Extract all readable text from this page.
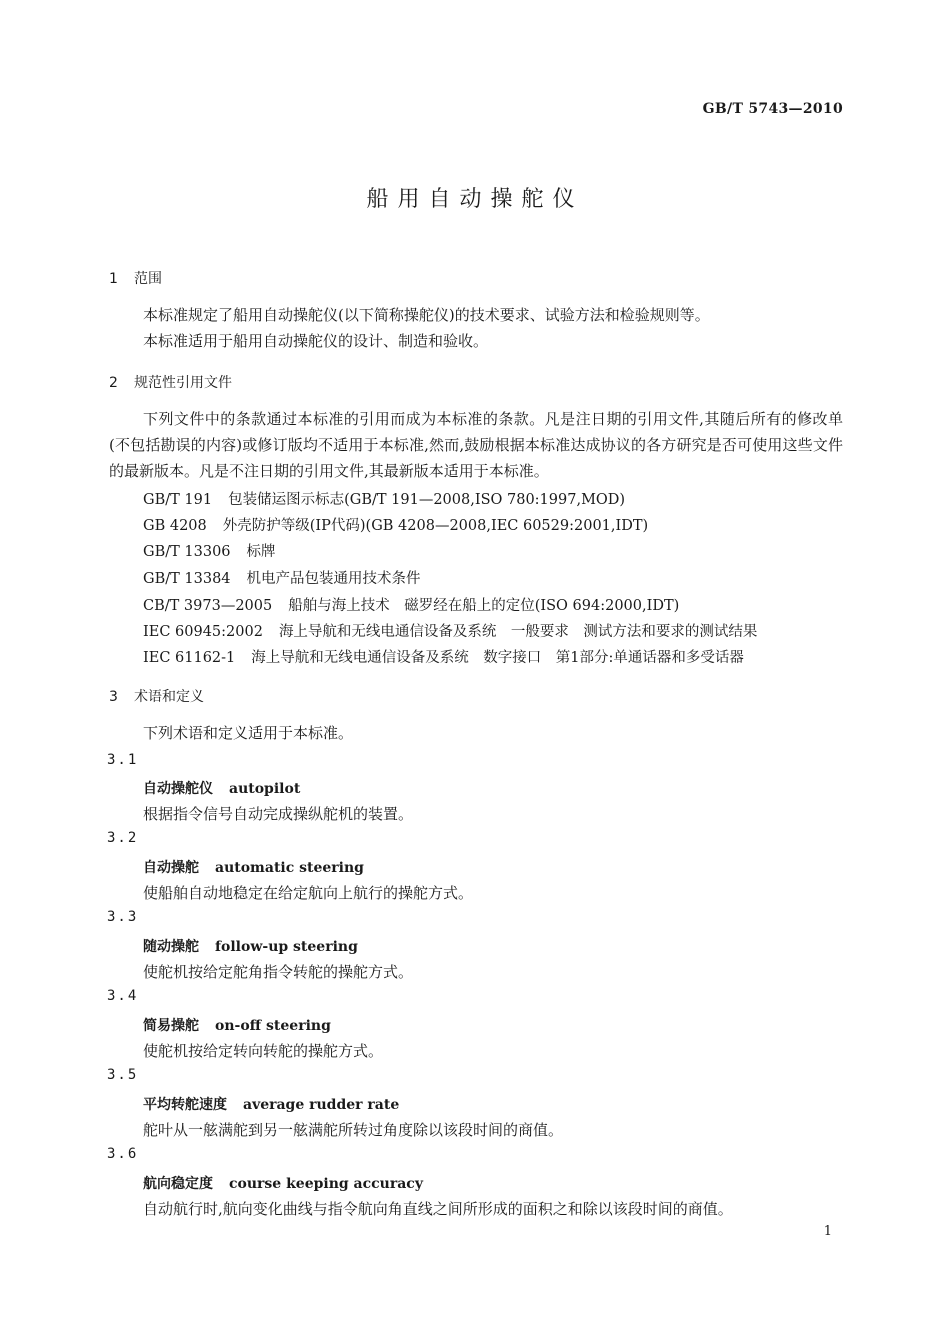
GB/T 5743—2010
船用自动操舵仪
1 范围
本标准规定了船用自动操舵仪(以下简称操舵仪)的技术要求、试验方法和检验规则等。
本标准适用于船用自动操舵仪的设计、制造和验收。
2 规范性引用文件
下列文件中的条款通过本标准的引用而成为本标准的条款。凡是注日期的引用文件,其随后所有的修改单(不包括勘误的内容)或修订版均不适用于本标准,然而,鼓励根据本标准达成协议的各方研究是否可使用这些文件的最新版本。凡是不注日期的引用文件,其最新版本适用于本标准。
GB/T 191 包装储运图示标志(GB/T 191—2008,ISO 780:1997,MOD)
GB 4208 外壳防护等级(IP代码)(GB 4208—2008,IEC 60529:2001,IDT)
GB/T 13306 标牌
GB/T 13384 机电产品包装通用技术条件
CB/T 3973—2005 船舶与海上技术　磁罗经在船上的定位(ISO 694:2000,IDT)
IEC 60945:2002 海上导航和无线电通信设备及系统　一般要求　测试方法和要求的测试结果
IEC 61162-1 海上导航和无线电通信设备及系统　数字接口　第1部分:单通话器和多受话器
3 术语和定义
下列术语和定义适用于本标准。
3.1
自动操舵仪 autopilot
根据指令信号自动完成操纵舵机的装置。
3.2
自动操舵 automatic steering
使船舶自动地稳定在给定航向上航行的操舵方式。
3.3
随动操舵 follow-up steering
使舵机按给定舵角指令转舵的操舵方式。
3.4
简易操舵 on-off steering
使舵机按给定转向转舵的操舵方式。
3.5
平均转舵速度 average rudder rate
舵叶从一舷满舵到另一舷满舵所转过角度除以该段时间的商值。
3.6
航向稳定度 course keeping accuracy
自动航行时,航向变化曲线与指令航向角直线之间所形成的面积之和除以该段时间的商值。
1
